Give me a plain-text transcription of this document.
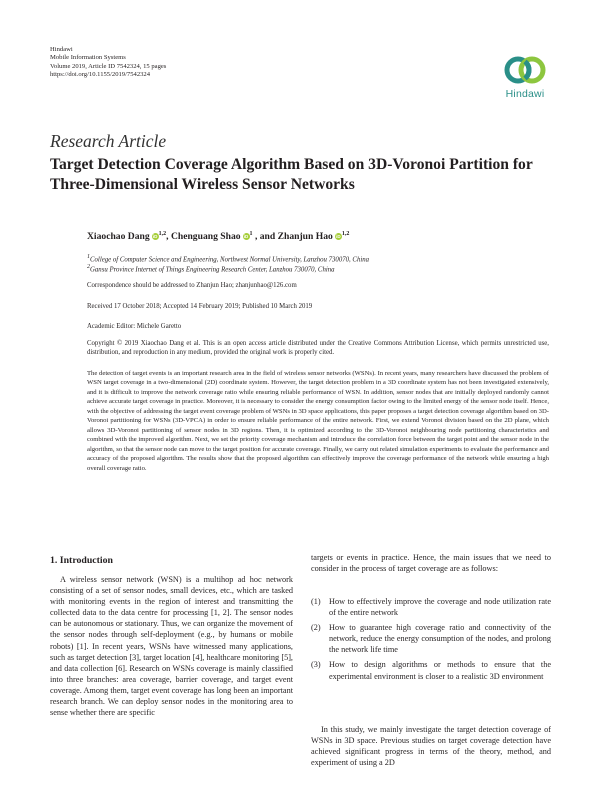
Hindawi
Mobile Information Systems
Volume 2019, Article ID 7542324, 15 pages
https://doi.org/10.1155/2019/7542324
Hindawi
Research Article
Target Detection Coverage Algorithm Based on 3D-Voronoi Partition for Three-Dimensional Wireless Sensor Networks
Xiaochao Dang iD$^{1,2}$, Chenguang Shao $iD^1$ , and Zhanjun Hao iD$^{1,2}$
$^1$College of Computer Science and Engineering, Northwest Normal University, Lanzhou 730070, China
$^2$Gansu Province Internet of Things Engineering Research Center, Lanzhou 730070, China
Correspondence should be addressed to Zhanjun Hao; zhanjunhao@126.com
Received 17 October 2018; Accepted 14 February 2019; Published 10 March 2019
Academic Editor: Michele Garetto
Copyright © 2019 Xiaochao Dang et al. This is an open access article distributed under the Creative Commons Attribution License, which permits unrestricted use, distribution, and reproduction in any medium, provided the original work is properly cited.
The detection of target events is an important research area in the field of wireless sensor networks (WSNs). In recent years, many researchers have discussed the problem of WSN target coverage in a two-dimensional (2D) coordinate system. However, the target detection problem in a 3D coordinate system has not been investigated extensively, and it is difficult to improve the network coverage ratio while ensuring reliable performance of WSN. In addition, sensor nodes that are initially deployed randomly cannot achieve accurate target coverage in practice. Moreover, it is necessary to consider the energy consumption factor owing to the limited energy of the sensor node itself. Hence, with the objective of addressing the target event coverage problem of WSNs in 3D space applications, this paper proposes a target detection coverage algorithm based on 3D-Voronoi partitioning for WSNs (3D-VPCA) in order to ensure reliable performance of the entire network. First, we extend Voronoi division based on the 2D plane, which allows 3D-Voronoi partitioning of sensor nodes in 3D regions. Then, it is optimized according to the 3D-Voronoi neighbouring node partitioning characteristics and combined with the improved algorithm. Next, we set the priority coverage mechanism and introduce the correlation force between the target point and the sensor node in the algorithm, so that the sensor node can move to the target position for accurate coverage. Finally, we carry out related simulation experiments to evaluate the performance and accuracy of the proposed algorithm. The results show that the proposed algorithm can effectively improve the coverage performance of the network while ensuring a high overall coverage ratio.
1. Introduction
A wireless sensor network (WSN) is a multihop ad hoc network consisting of a set of sensor nodes, small devices, etc., which are tasked with monitoring events in the region of interest and transmitting the collected data to the data centre for processing [1, 2]. The sensor nodes can be autonomous or stationary. Thus, we can organize the movement of the sensor nodes through self-deployment (e.g., by humans or mobile robots) [1]. In recent years, WSNs have witnessed many applications, such as target detection [3], target location [4], healthcare monitoring [5], and data collection [6]. Research on WSNs coverage is mainly classified into three branches: area coverage, barrier coverage, and target event coverage. Among them, target event coverage has long been an important research branch. We can deploy sensor nodes in the monitoring area to sense whether there are specific
targets or events in practice. Hence, the main issues that we need to consider in the process of target coverage are as follows:
(1) How to effectively improve the coverage and node utilization rate of the entire network
(2) How to guarantee high coverage ratio and connectivity of the network, reduce the energy consumption of the nodes, and prolong the network life time
(3) How to design algorithms or methods to ensure that the experimental environment is closer to a realistic 3D environment
In this study, we mainly investigate the target detection coverage of WSNs in 3D space. Previous studies on target coverage detection have achieved significant progress in terms of the theory, method, and experiment of using a 2D
